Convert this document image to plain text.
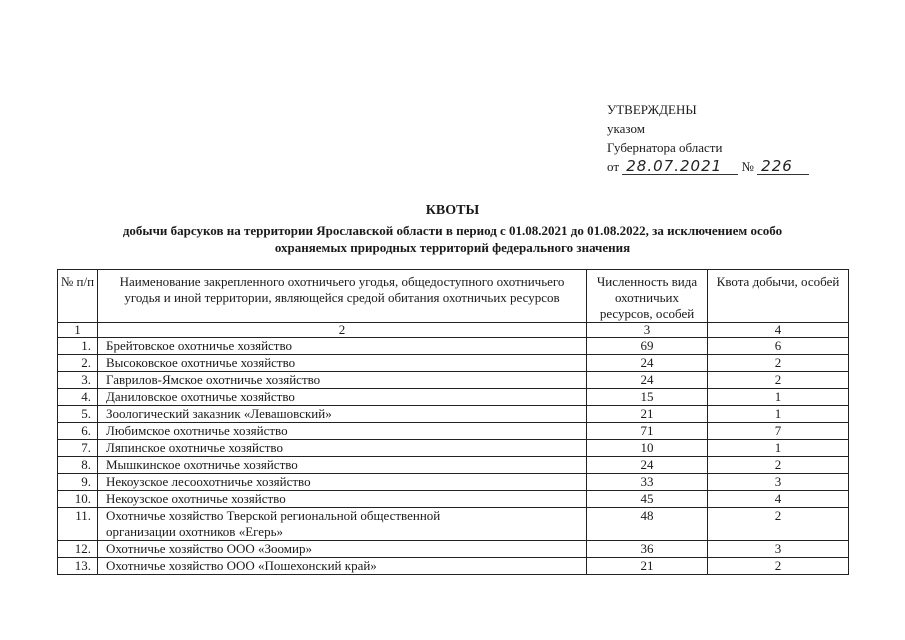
УТВЕРЖДЕНЫ
указом
Губернатора области
от 28.07.2021 № 226
КВОТЫ
добычи барсуков на территории Ярославской области в период с 01.08.2021 до 01.08.2022, за исключением особо
охраняемых природных территорий федерального значения
№ п/п	Наименование закрепленного охотничьего угодья, общедоступного охотничьего угодья и иной территории, являющейся средой обитания охотничьих ресурсов	Численность вида охотничьих ресурсов, особей	Квота добычи, особей
1	2	3	4
1.	Брейтовское охотничье хозяйство	69	6
2.	Высоковское охотничье хозяйство	24	2
3.	Гаврилов-Ямское охотничье хозяйство	24	2
4.	Даниловское охотничье хозяйство	15	1
5.	Зоологический заказник «Левашовский»	21	1
6.	Любимское охотничье хозяйство	71	7
7.	Ляпинское охотничье хозяйство	10	1
8.	Мышкинское охотничье хозяйство	24	2
9.	Некоузское лесоохотничье хозяйство	33	3
10.	Некоузское охотничье хозяйство	45	4
11.	Охотничье хозяйство Тверской региональной общественной
организации охотников «Егерь»	48	2
12.	Охотничье хозяйство ООО «Зоомир»	36	3
13.	Охотничье хозяйство ООО «Пошехонский край»	21	2
